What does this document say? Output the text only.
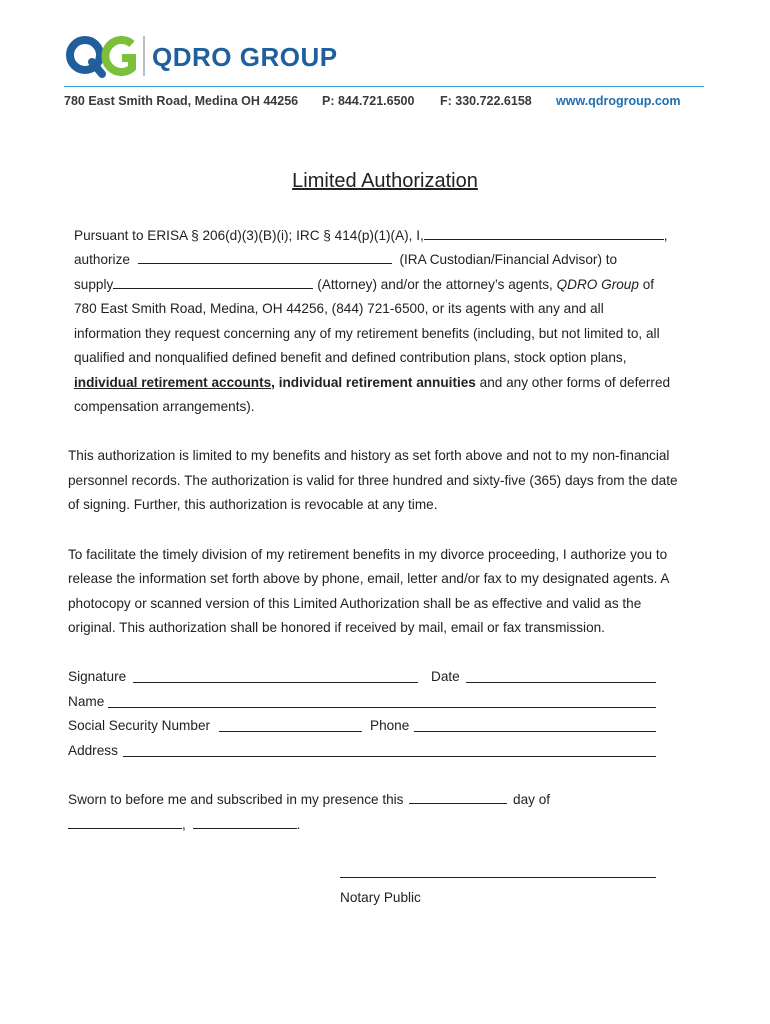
QDRO GROUP
780 East Smith Road, Medina OH 44256 P: 844.721.6500 F: 330.722.6158 www.qdrogroup.com
Limited Authorization
Pursuant to ERISA § 206(d)(3)(B)(i); IRC § 414(p)(1)(A), I,	,
authorize	(IRA Custodian/Financial Advisor) to
supply	(Attorney) and/or the attorney’s agents, QDRO Group of
780 East Smith Road, Medina, OH 44256, (844) 721-6500, or its agents with any and all
information they request concerning any of my retirement benefits (including, but not limited to, all
qualified and nonqualified defined benefit and defined contribution plans, stock option plans,
individual retirement accounts, individual retirement annuities and any other forms of deferred
compensation arrangements).
This authorization is limited to my benefits and history as set forth above and not to my non-financial
personnel records. The authorization is valid for three hundred and sixty-five (365) days from the date
of signing. Further, this authorization is revocable at any time.
To facilitate the timely division of my retirement benefits in my divorce proceeding, I authorize you to
release the information set forth above by phone, email, letter and/or fax to my designated agents. A
photocopy or scanned version of this Limited Authorization shall be as effective and valid as the
original. This authorization shall be honored if received by mail, email or fax transmission.
Signature	Date
Name
Social Security Number	Phone
Address
Sworn to before me and subscribed in my presence this	day of
,	.
Notary Public
